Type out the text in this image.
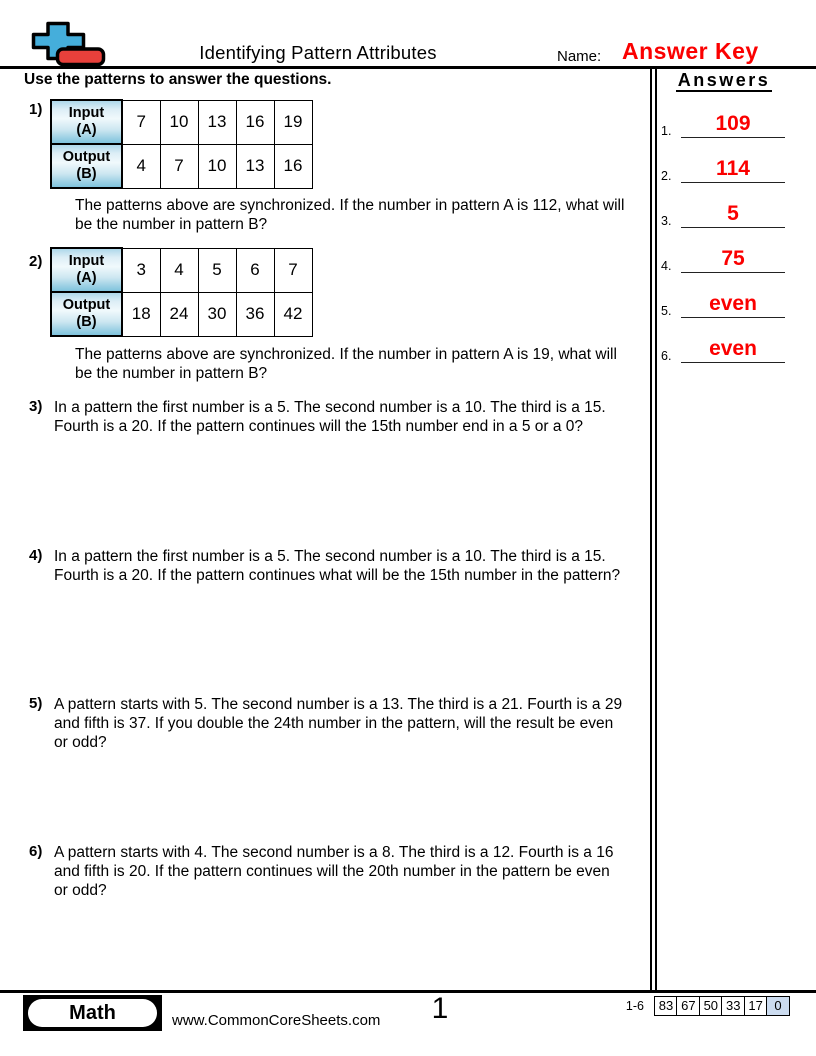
Identifying Pattern Attributes	Name: Answer Key
Use the patterns to answer the questions.	Answers
1.	109
2.	114
3.	5
4.	75
5.	even
6.	even
1) Input
(A)	7	10	13	16	19
Output
(B)	4	7	10	13	16
The patterns above are synchronized. If the number in pattern A is 112, what will
be the number in pattern B?
2) Input
(A)	3	4	5	6	7
Output
(B)	18	24	30	36	42
The patterns above are synchronized. If the number in pattern A is 19, what will
be the number in pattern B?
3) In a pattern the first number is a 5. The second number is a 10. The third is a 15.
Fourth is a 20. If the pattern continues will the 15th number end in a 5 or a 0?
4) In a pattern the first number is a 5. The second number is a 10. The third is a 15.
Fourth is a 20. If the pattern continues what will be the 15th number in the pattern?
5) A pattern starts with 5. The second number is a 13. The third is a 21. Fourth is a 29
and fifth is 37. If you double the 24th number in the pattern, will the result be even
or odd?
6) A pattern starts with 4. The second number is a 8. The third is a 12. Fourth is a 16
and fifth is 20. If the pattern continues will the 20th number in the pattern be even
or odd?
Math	www.CommonCoreSheets.com	1	1-6	83 67 50 33 17 0
